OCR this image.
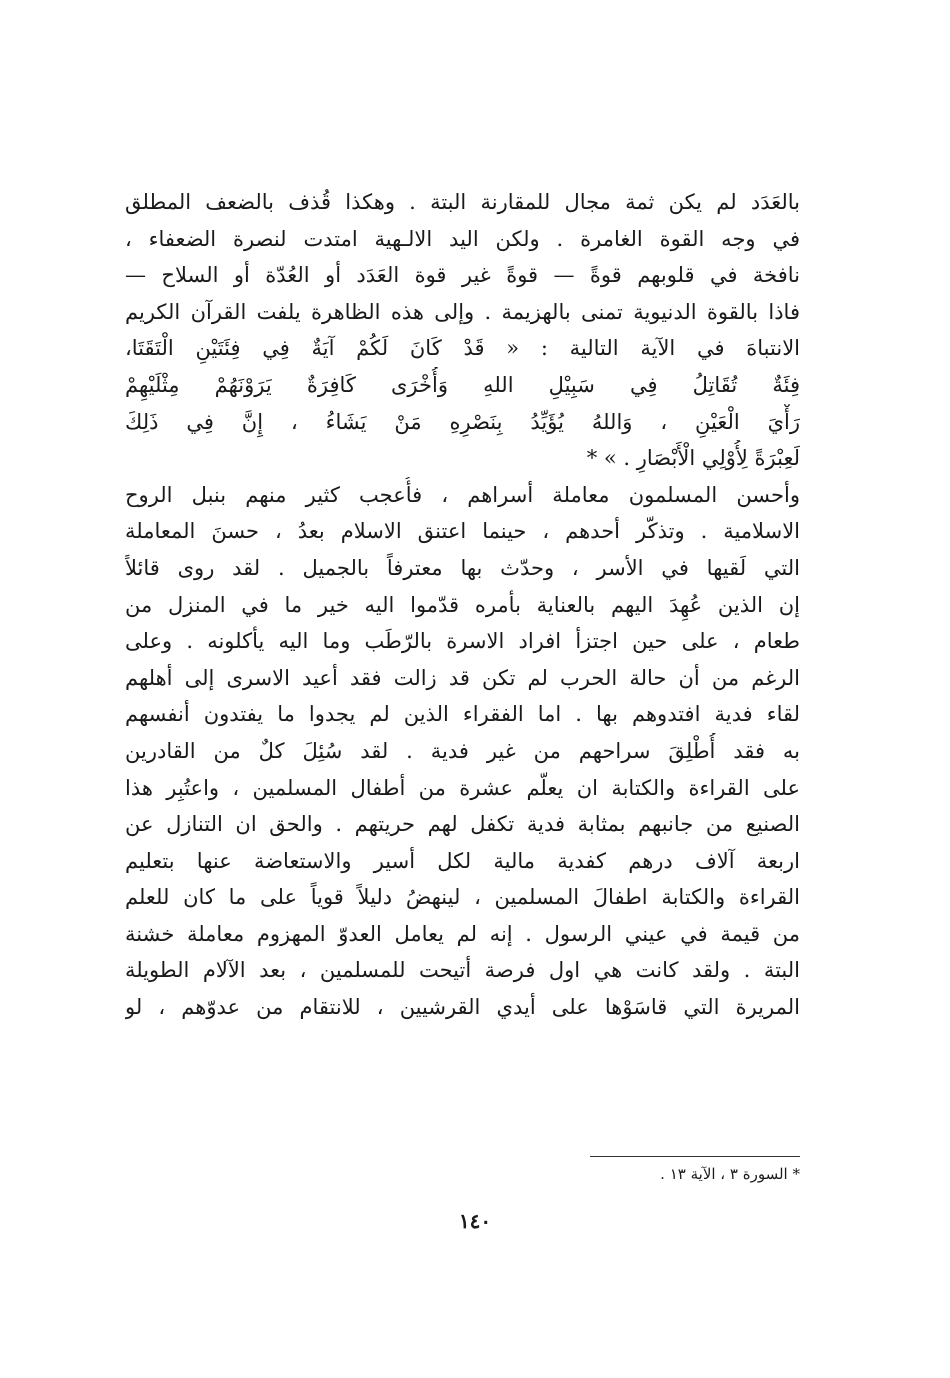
بالعَدَد لم يكن ثمة مجال للمقارنة البتة . وهكذا قُذف بالضعف المطلق
في وجه القوة الغامرة . ولكن اليد الالـهية امتدت لنصرة الضعفاء ،
نافخة في قلوبهم قوةً — قوةً غير قوة العَدَد أو العُدّة أو السلاح —
فاذا بالقوة الدنيوية تمنى بالهزيمة . وإلى هذه الظاهرة يلفت القرآن الكريم
الانتباهَ في الآية التالية : « قَدْ كَانَ لَكُمْ آيَةٌ فِي فِئَتَيْنِ الْتَقَتَا،
فِئَةٌ تُقَاتِلُ فِي سَبِيْلِ اللهِ وَأُخْرَى كَافِرَةٌ يَرَوْنَهُمْ مِثْلَيْهِمْ
رَأْيَ الْعَيْنِ ، وَاللهُ يُؤَيِّدُ بِنَصْرِهِ مَنْ يَشَاءُ ، إِنَّ فِي ذَلِكَ
لَعِبْرَةً لِأُوْلِي الْأَبْصَارِ . » *
وأحسن المسلمون معاملة أسراهم ، فأُعجب كثير منهم بنبل الروح
الاسلامية . وتذكّر أحدهم ، حينما اعتنق الاسلام بعدُ ، حسنَ المعاملة
التي لَقيها في الأسر ، وحدّث بها معترفاً بالجميل . لقد روى قائلاً
إن الذين عُهِدَ اليهم بالعناية بأمره قدّموا اليه خير ما في المنزل من
طعام ، على حين اجتزأ افراد الاسرة بالرّطَب وما اليه يأكلونه . وعلى
الرغم من أن حالة الحرب لم تكن قد زالت فقد أعيد الاسرى إلى أهلهم
لقاء فدية افتدوهم بها . اما الفقراء الذين لم يجدوا ما يفتدون أنفسهم
به فقد أُطْلِقَ سراحهم من غير فدية . لقد سُئِلَ كلٌ من القادرين
على القراءة والكتابة ان يعلّم عشرة من أطفال المسلمين ، واعتُبِر هذا
الصنيع من جانبهم بمثابة فدية تكفل لهم حريتهم . والحق ان التنازل عن
اربعة آلاف درهم كفدية مالية لكل أسير والاستعاضة عنها بتعليم
القراءة والكتابة اطفالَ المسلمين ، لينهضُ دليلاً قوياً على ما كان للعلم
من قيمة في عيني الرسول . إنه لم يعامل العدوّ المهزوم معاملة خشنة
البتة . ولقد كانت هي اول فرصة أتيحت للمسلمين ، بعد الآلام الطويلة
المريرة التي قاسَوْها على أيدي القرشيين ، للانتقام من عدوّهم ، لو
* السورة ٣ ، الآية ١٣ .
١٤٠
